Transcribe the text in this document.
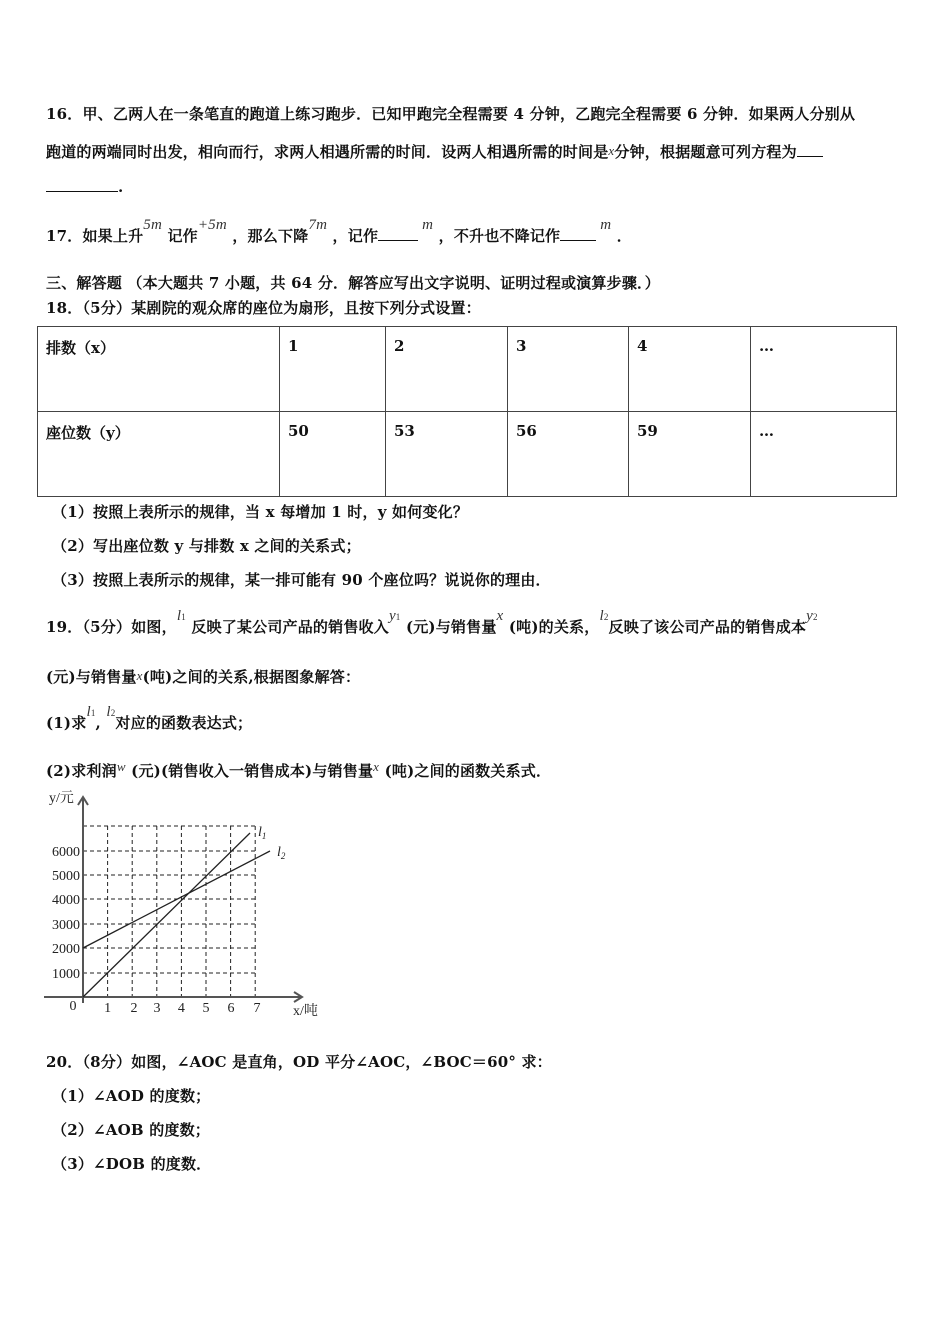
16．甲、乙两人在一条笔直的跑道上练习跑步．已知甲跑完全程需要 4 分钟，乙跑完全程需要 6 分钟．如果两人分别从
跑道的两端同时出发，相向而行，求两人相遇所需的时间．设两人相遇所需的时间是x分钟，根据题意可列方程为
.
17．如果上升5m 记作+5m ，那么下降7m ，记作m ，不升也不降记作m ．
三、解答题 （本大题共 7 小题，共 64 分．解答应写出文字说明、证明过程或演算步骤．）
18．（5分）某剧院的观众席的座位为扇形，且按下列分式设置：
排数（x）	1	2	3	4	…
座位数（y）	50	53	56	59	…
（1）按照上表所示的规律，当 x 每增加 1 时，y 如何变化？
（2）写出座位数 y 与排数 x 之间的关系式；
（3）按照上表所示的规律，某一排可能有 90 个座位吗？说说你的理由．
19．（5分）如图，$l^1$ 反映了某公司产品的销售收入$y^1$ (元)与销售量x (吨)的关系，$l^2$反映了该公司产品的销售成本$y^2$
(元)与销售量x(吨)之间的关系,根据图象解答：
(1)求$l^1$, $l^2$对应的函数表达式；
(2)求利润w (元)(销售收入一销售成本)与销售量x (吨)之间的函数关系式．
y/元
x/吨
$l_1$
$l_2$
6000
5000
4000
3000
2000
1000
0 1 2 3 4 5 6 7
20．（8分）如图，∠AOC 是直角，OD 平分∠AOC，∠BOC＝60° 求：
（1）∠AOD 的度数；
（2）∠AOB 的度数；
（3）∠DOB 的度数．
